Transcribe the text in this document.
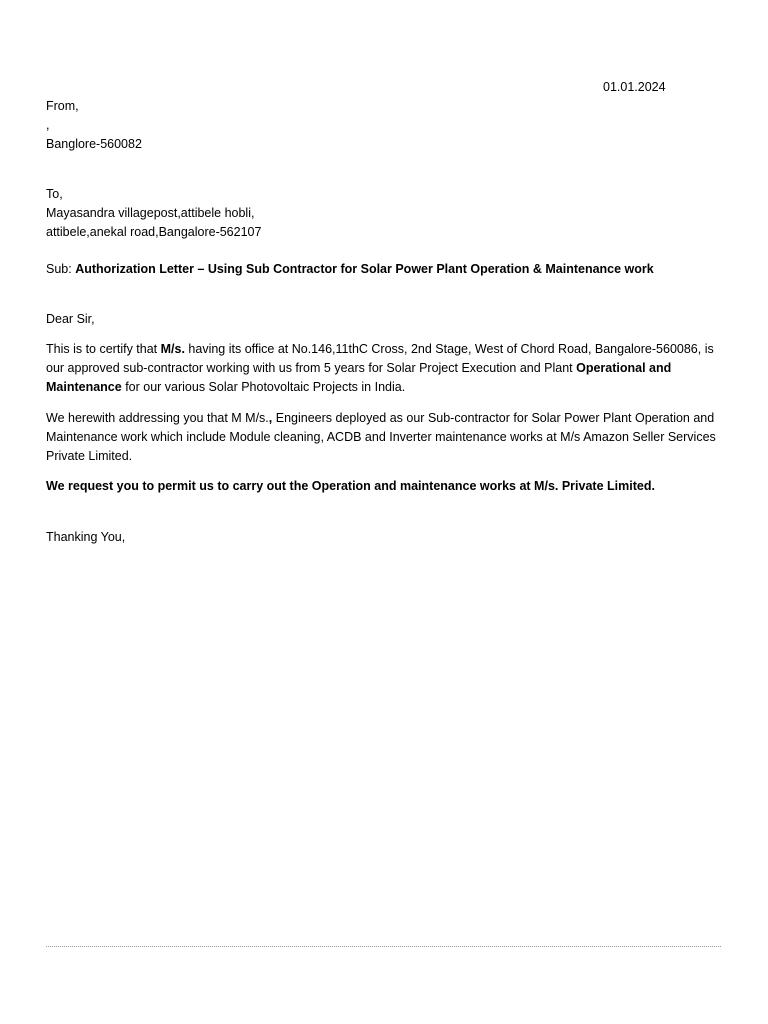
01.01.2024
From,
,
Banglore-560082
To,
Mayasandra villagepost,attibele hobli,
attibele,anekal road,Bangalore-562107
Sub: Authorization Letter – Using Sub Contractor for Solar Power Plant Operation & Maintenance work
Dear Sir,

This is to certify that M/s. having its office at No.146,11thC Cross, 2nd Stage, West of Chord Road, Bangalore-560086, is our approved sub-contractor working with us from 5 years for Solar Project Execution and Plant Operational and Maintenance for our various Solar Photovoltaic Projects in India.

We herewith addressing you that M M/s., Engineers deployed as our Sub-contractor for Solar Power Plant Operation and Maintenance work which include Module cleaning, ACDB and Inverter maintenance works at M/s Amazon Seller Services Private Limited.

We request you to permit us to carry out the Operation and maintenance works at M/s. Private Limited.

Thanking You,
